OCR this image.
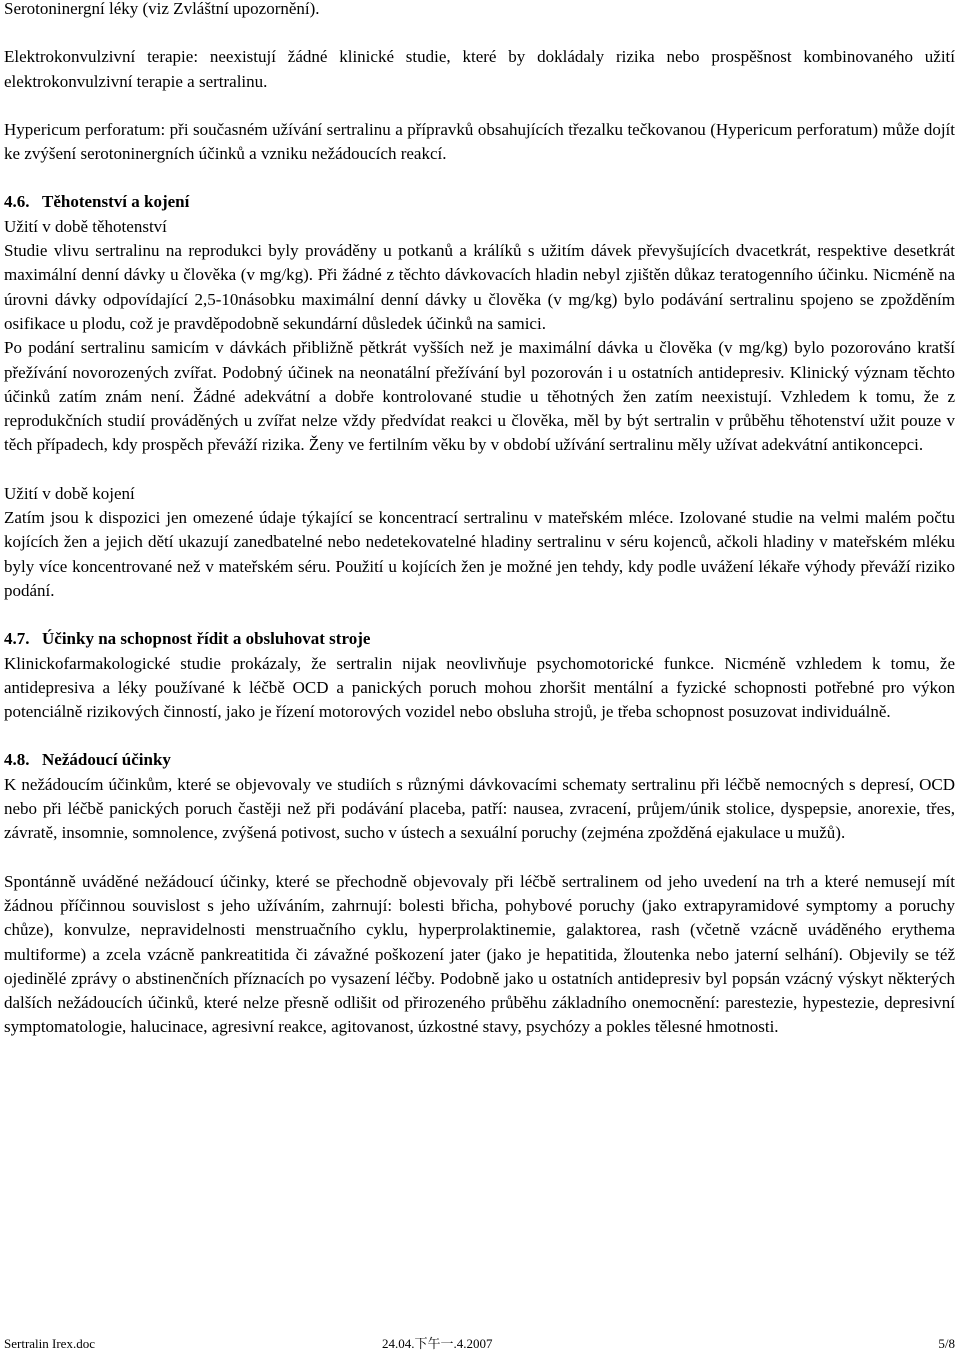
Serotoninergní léky (viz Zvláštní upozornění).

Elektrokonvulzivní terapie: neexistují žádné klinické studie, které by dokládaly rizika nebo prospěšnost kombinovaného užití elektrokonvulzivní terapie a sertralinu.

Hypericum perforatum: při současném užívání sertralinu a přípravků obsahujících třezalku tečkovanou (Hypericum perforatum) může dojít ke zvýšení serotoninergních účinků a vzniku nežádoucích reakcí.

4.6. Těhotenství a kojení

Užití v době těhotenství

Studie vlivu sertralinu na reprodukci byly prováděny u potkanů a králíků s užitím dávek převyšujících dvacetkrát, respektive desetkrát maximální denní dávky u člověka (v mg/kg). Při žádné z těchto dávkovacích hladin nebyl zjištěn důkaz teratogenního účinku. Nicméně na úrovni dávky odpovídající 2,5-10násobku maximální denní dávky u člověka (v mg/kg) bylo podávání sertralinu spojeno se zpožděním osifikace u plodu, což je pravděpodobně sekundární důsledek účinků na samici.

Po podání sertralinu samicím v dávkách přibližně pětkrát vyšších než je maximální dávka u člověka (v mg/kg) bylo pozorováno kratší přežívání novorozených zvířat. Podobný účinek na neonatální přežívání byl pozorován i u ostatních antidepresiv. Klinický význam těchto účinků zatím znám není. Žádné adekvátní a dobře kontrolované studie u těhotných žen zatím neexistují. Vzhledem k tomu, že z reprodukčních studií prováděných u zvířat nelze vždy předvídat reakci u člověka, měl by být sertralin v průběhu těhotenství užit pouze v těch případech, kdy prospěch převáží rizika. Ženy ve fertilním věku by v období užívání sertralinu měly užívat adekvátní antikoncepci.

Užití v době kojení

Zatím jsou k dispozici jen omezené údaje týkající se koncentrací sertralinu v mateřském mléce. Izolované studie na velmi malém počtu kojících žen a jejich dětí ukazují zanedbatelné nebo nedetekovatelné hladiny sertralinu v séru kojenců, ačkoli hladiny v mateřském mléku byly více koncentrované než v mateřském séru. Použití u kojících žen je možné jen tehdy, kdy podle uvážení lékaře výhody převáží riziko podání.

4.7. Účinky na schopnost řídit a obsluhovat stroje

Klinickofarmakologické studie prokázaly, že sertralin nijak neovlivňuje psychomotorické funkce. Nicméně vzhledem k tomu, že antidepresiva a léky používané k léčbě OCD a panických poruch mohou zhoršit mentální a fyzické schopnosti potřebné pro výkon potenciálně rizikových činností, jako je řízení motorových vozidel nebo obsluha strojů, je třeba schopnost posuzovat individuálně.

4.8. Nežádoucí účinky

K nežádoucím účinkům, které se objevovaly ve studiích s různými dávkovacími schematy sertralinu při léčbě nemocných s depresí, OCD nebo při léčbě panických poruch častěji než při podávání placeba, patří: nausea, zvracení, průjem/únik stolice, dyspepsie, anorexie, třes, závratě, insomnie, somnolence, zvýšená potivost, sucho v ústech a sexuální poruchy (zejména zpožděná ejakulace u mužů).

Spontánně uváděné nežádoucí účinky, které se přechodně objevovaly při léčbě sertralinem od jeho uvedení na trh a které nemusejí mít žádnou příčinnou souvislost s jeho užíváním, zahrnují: bolesti břicha, pohybové poruchy (jako extrapyramidové symptomy a poruchy chůze), konvulze, nepravidelnosti menstruačního cyklu, hyperprolaktinemie, galaktorea, rash (včetně vzácně uváděného erythema multiforme) a zcela vzácně pankreatitida či závažné poškození jater (jako je hepatitida, žloutenka nebo jaterní selhání). Objevily se též ojedinělé zprávy o abstinenčních příznacích po vysazení léčby. Podobně jako u ostatních antidepresiv byl popsán vzácný výskyt některých dalších nežádoucích účinků, které nelze přesně odlišit od přirozeného průběhu základního onemocnění: parestezie, hypestezie, depresivní symptomatologie, halucinace, agresivní reakce, agitovanost, úzkostné stavy, psychózy a pokles tělesné hmotnosti.

Sertralin Irex.doc	24.04.下午一.4.2007	5/8
